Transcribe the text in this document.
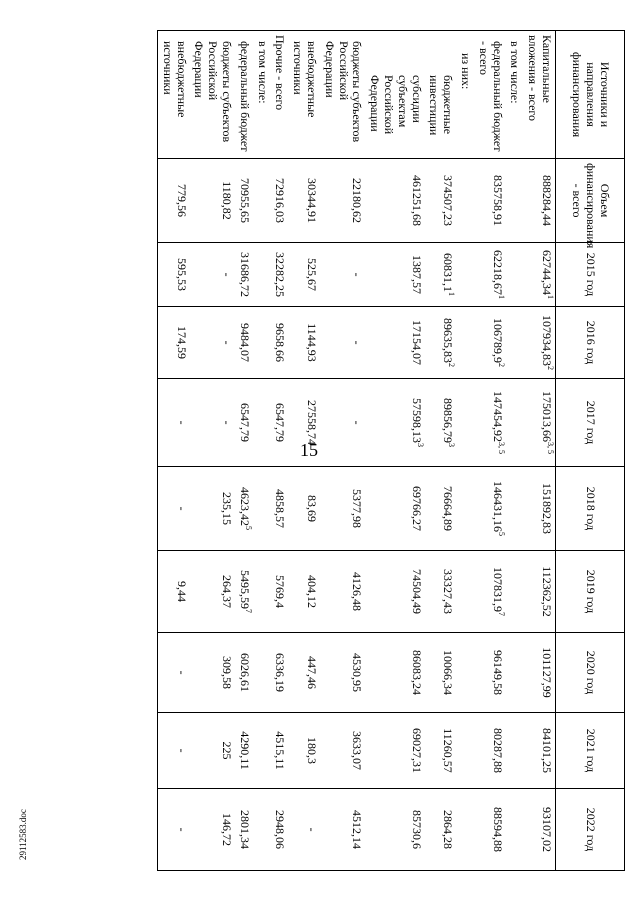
15
29112583.doc
Источники и направления финансирования	Объем финансирования - всего	2015 год	2016 год	2017 год	2018 год	2019 год	2020 год	2021 год	2022 год
Капитальные вложения - всего	888284,44	62744,34$^1$	107934,83$^2$	175013,66$^{3, 5}$	151892,83	112362,52	101127,99	84101,25	93107,02
в том числе:									
федеральный бюджет - всего	835758,91	62218,67$^1$	106789,9$^2$	147454,92$^{3, 5}$	146431,16$^5$	107831,9$^7$	96149,58	80287,88	88594,88
из них:									
бюджетные инвестиции	374507,23	60831,1$^1$	89635,83$^2$	89856,79$^3$	76664,89	33327,43	10066,34	11260,57	2864,28
субсидии субъектам Российской Федерации	461251,68	1387,57	17154,07	57598,13$^3$	69766,27	74504,49	86083,24	69027,31	85730,6
бюджеты субъектов Российской Федерации	22180,62	-	-	-	5377,98	4126,48	4530,95	3633,07	4512,14
внебюджетные источники	30344,91	525,67	1144,93	27558,74	83,69	404,12	447,46	180,3	-
Прочие - всего	72916,03	32282,25	9658,66	6547,79	4858,57	5769,4	6336,19	4515,11	2948,06
в том числе:									
федеральный бюджет	70955,65	31686,72	9484,07	6547,79	4623,42$^5$	5495,59$^7$	6026,61	4290,11	2801,34
бюджеты субъектов Российской Федерации	1180,82	-	-	-	235,15	264,37	309,58	225	146,72
внебюджетные источники	779,56	595,53	174,59	-	-	9,44	-	-	-
